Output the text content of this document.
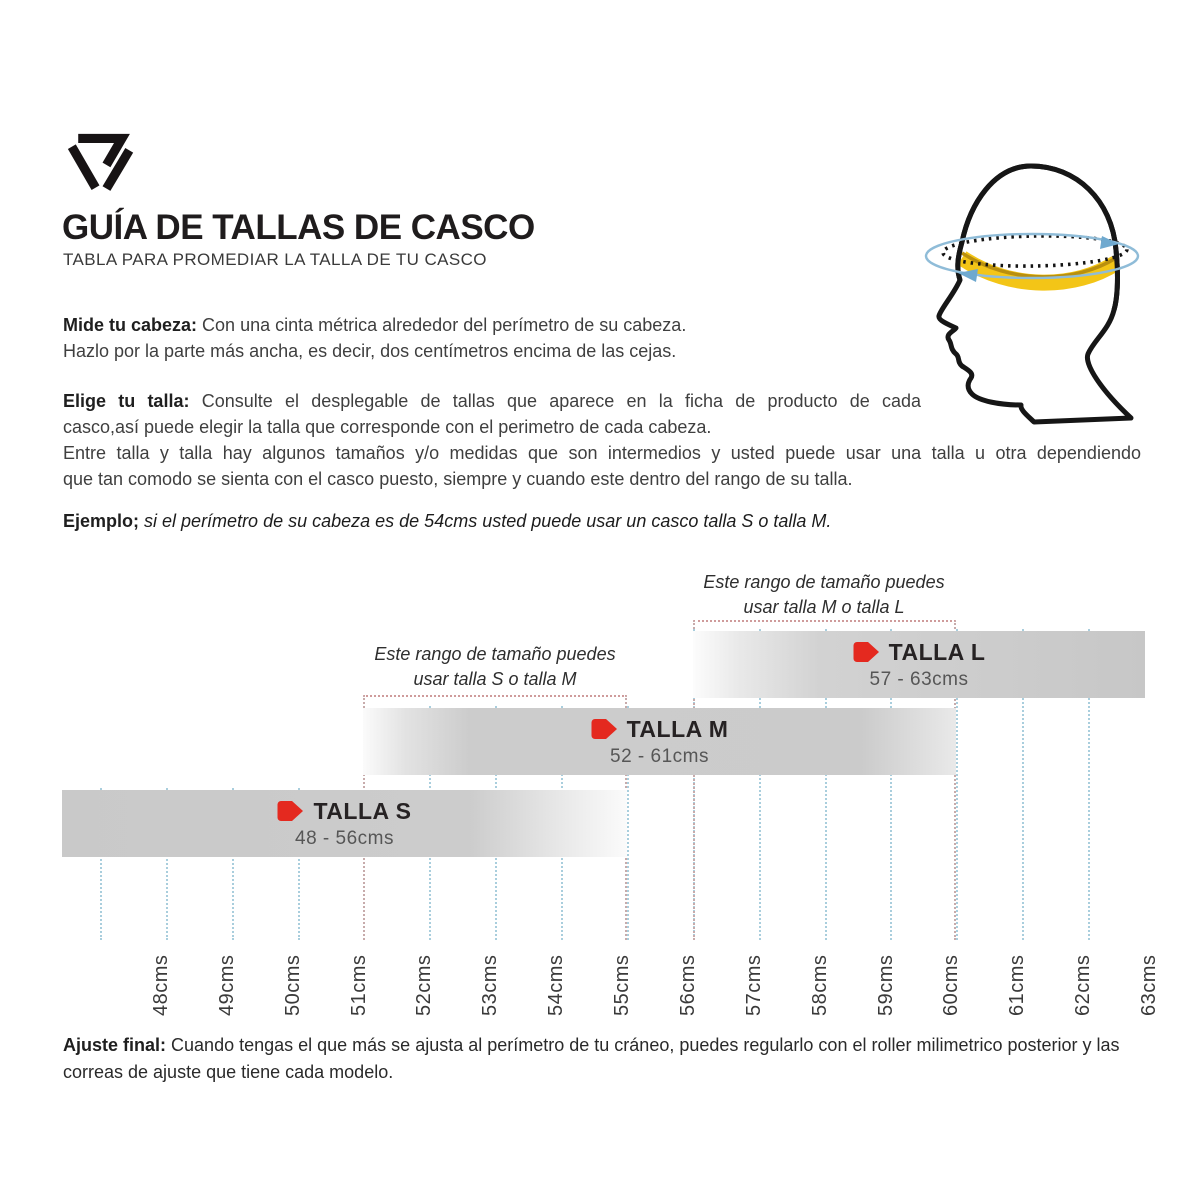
GUÍA DE TALLAS DE CASCO
TABLA PARA PROMEDIAR LA TALLA DE TU CASCO
Mide tu cabeza: Con una cinta métrica alrededor del perímetro de su cabeza.
Hazlo por la parte más ancha, es decir, dos centímetros encima de las cejas.
Elige tu talla: Consulte el desplegable de tallas que aparece en la ficha de producto de cada
casco,así puede elegir la talla que corresponde con el perimetro de cada cabeza.
Entre talla y talla hay algunos tamaños y/o medidas que son intermedios y usted puede usar una talla u otra dependiendo
que tan comodo se sienta con el casco puesto, siempre y cuando este dentro del rango de su talla.
Ejemplo; si el perímetro de su cabeza es de 54cms usted puede usar un casco talla S o talla M.
Este rango de tamaño puedes
usar talla M o talla L
Este rango de tamaño puedes
usar talla S o talla M
TALLA L
57 - 63cms
TALLA M
52 - 61cms
TALLA S
48 - 56cms
48cms 49cms 50cms 51cms 52cms 53cms 54cms 55cms 56cms 57cms 58cms 59cms 60cms 61cms 62cms 63cms
Ajuste final: Cuando tengas el que más se ajusta al perímetro de tu cráneo, puedes regularlo con el roller milimetrico posterior y las
correas de ajuste que tiene cada modelo.
